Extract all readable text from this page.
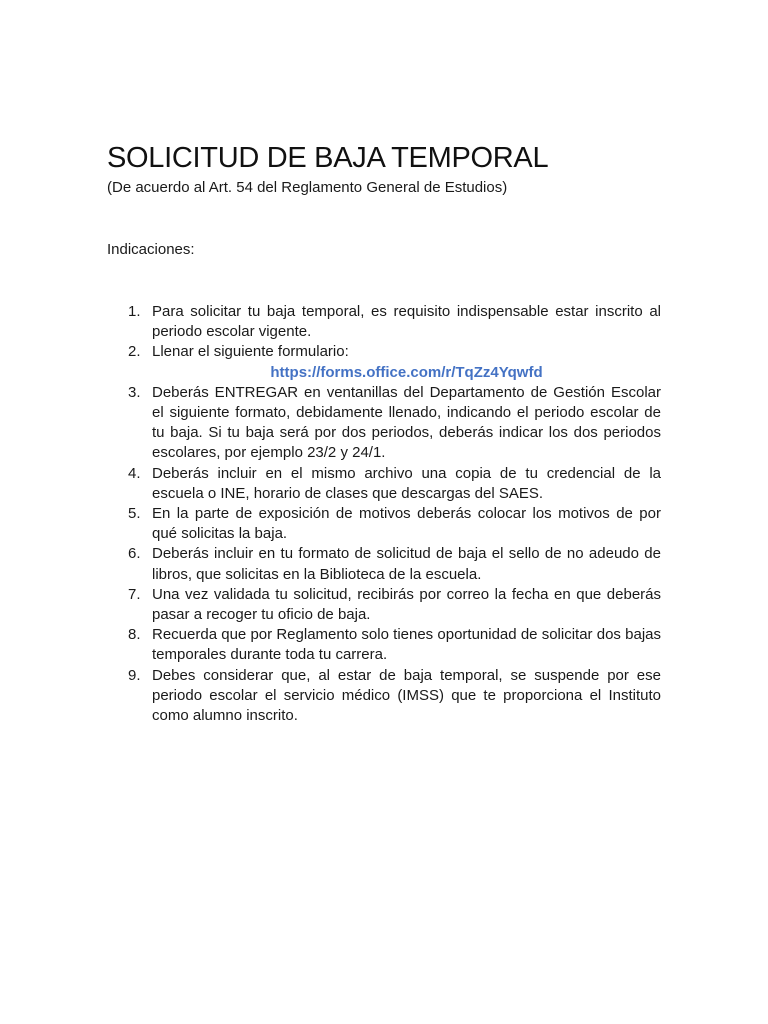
SOLICITUD DE BAJA TEMPORAL

(De acuerdo al Art. 54 del Reglamento General de Estudios)

Indicaciones:

1. Para solicitar tu baja temporal, es requisito indispensable estar inscrito al periodo escolar vigente.
2. Llenar el siguiente formulario:
https://forms.office.com/r/TqZz4Yqwfd
3. Deberás ENTREGAR en ventanillas del Departamento de Gestión Escolar el siguiente formato, debidamente llenado, indicando el periodo escolar de tu baja. Si tu baja será por dos periodos, deberás indicar los dos periodos escolares, por ejemplo 23/2 y 24/1.
4. Deberás incluir en el mismo archivo una copia de tu credencial de la escuela o INE, horario de clases que descargas del SAES.
5. En la parte de exposición de motivos deberás colocar los motivos de por qué solicitas la baja.
6. Deberás incluir en tu formato de solicitud de baja el sello de no adeudo de libros, que solicitas en la Biblioteca de la escuela.
7. Una vez validada tu solicitud, recibirás por correo la fecha en que deberás pasar a recoger tu oficio de baja.
8. Recuerda que por Reglamento solo tienes oportunidad de solicitar dos bajas temporales durante toda tu carrera.
9. Debes considerar que, al estar de baja temporal, se suspende por ese periodo escolar el servicio médico (IMSS) que te proporciona el Instituto como alumno inscrito.
